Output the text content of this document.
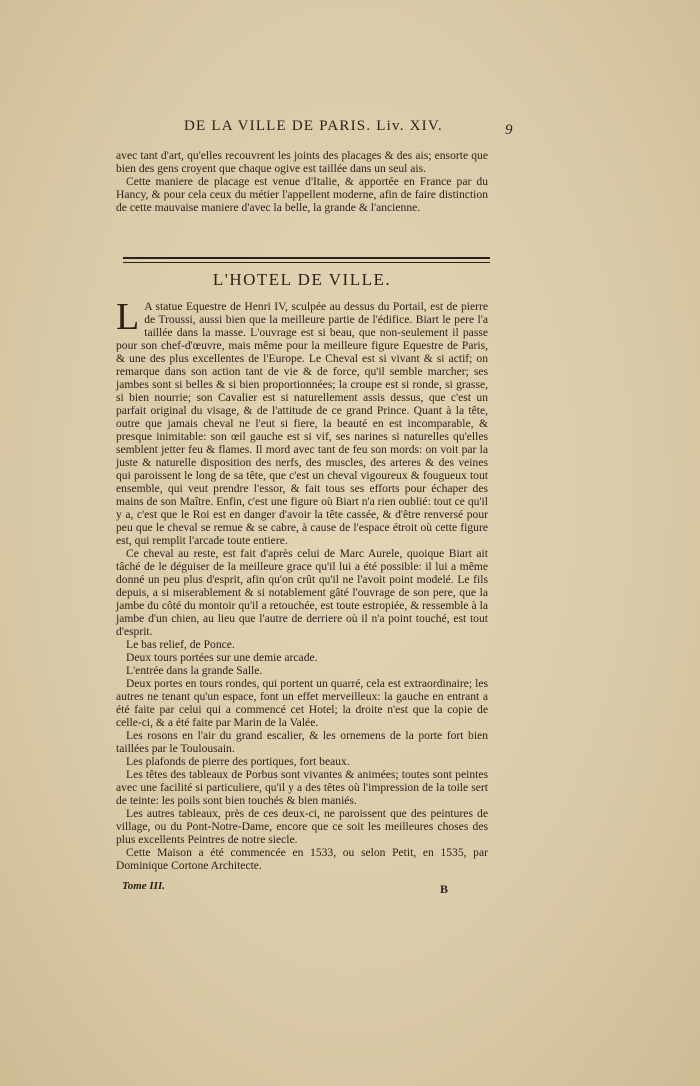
DE LA VILLE DE PARIS. Liv. XIV.	9

avec tant d'art, qu'elles recouvrent les joints des placages & des ais; ensorte que bien des gens croyent que chaque ogive est taillée dans un seul ais.

Cette maniere de placage est venue d'Italie, & apportée en France par du Hancy, & pour cela ceux du métier l'appellent moderne, afin de faire distinction de cette mauvaise maniere d'avec la belle, la grande & l'ancienne.

L'HOTEL DE VILLE.

L A statue Equestre de Henri IV, sculpée au dessus du Portail, est de pierre de Troussi, aussi bien que la meilleure partie de l'édifice. Biart le pere l'a taillée dans la masse. L'ouvrage est si beau, que non-seulement il passe pour son chef-d'œuvre, mais même pour la meilleure figure Equestre de Paris, & une des plus excellentes de l'Europe. Le Cheval est si vivant & si actif; on remarque dans son action tant de vie & de force, qu'il semble marcher; ses jambes sont si belles & si bien proportionnées; la croupe est si ronde, si grasse, si bien nourrie; son Cavalier est si naturellement assis dessus, que c'est un parfait original du visage, & de l'attitude de ce grand Prince. Quant à la tête, outre que jamais cheval ne l'eut si fiere, la beauté en est incomparable, & presque inimitable: son œil gauche est si vif, ses narines si naturelles qu'elles semblent jetter feu & flames. Il mord avec tant de feu son mords: on voit par la juste & naturelle disposition des nerfs, des muscles, des arteres & des veines qui paroissent le long de sa tête, que c'est un cheval vigoureux & fougueux tout ensemble, qui veut prendre l'essor, & fait tous ses efforts pour échaper des mains de son Maître. Enfin, c'est une figure où Biart n'a rien oublié: tout ce qu'il y a, c'est que le Roi est en danger d'avoir la tête cassée, & d'être renversé pour peu que le cheval se remue & se cabre, à cause de l'espace étroit où cette figure est, qui remplit l'arcade toute entiere.

Ce cheval au reste, est fait d'après celui de Marc Aurele, quoique Biart ait tâché de le déguiser de la meilleure grace qu'il lui a été possible: il lui a même donné un peu plus d'esprit, afin qu'on crût qu'il ne l'avoit point modelé. Le fils depuis, a si miserablement & si notablement gâté l'ouvrage de son pere, que la jambe du côté du montoir qu'il a retouchée, est toute estropiée, & ressemble à la jambe d'un chien, au lieu que l'autre de derriere où il n'a point touché, est tout d'esprit.

Le bas relief, de Ponce.

Deux tours portées sur une demie arcade.

L'entrée dans la grande Salle.

Deux portes en tours rondes, qui portent un quarré, cela est extraordinaire; les autres ne tenant qu'un espace, font un effet merveilleux: la gauche en entrant a été faite par celui qui a commencé cet Hotel; la droite n'est que la copie de celle-ci, & a été faite par Marin de la Valée.

Les rosons en l'air du grand escalier, & les ornemens de la porte fort bien taillées par le Toulousain.

Les plafonds de pierre des portiques, fort beaux.

Les têtes des tableaux de Porbus sont vivantes & animées; toutes sont peintes avec une facilité si particuliere, qu'il y a des têtes où l'impression de la toile sert de teinte: les poils sont bien touchés & bien maniés.

Les autres tableaux, près de ces deux-ci, ne paroissent que des peintures de village, ou du Pont-Notre-Dame, encore que ce soit les meilleures choses des plus excellents Peintres de notre siecle.

Cette Maison a été commencée en 1533, ou selon Petit, en 1535, par Dominique Cortone Architecte.

Tome III.	B
